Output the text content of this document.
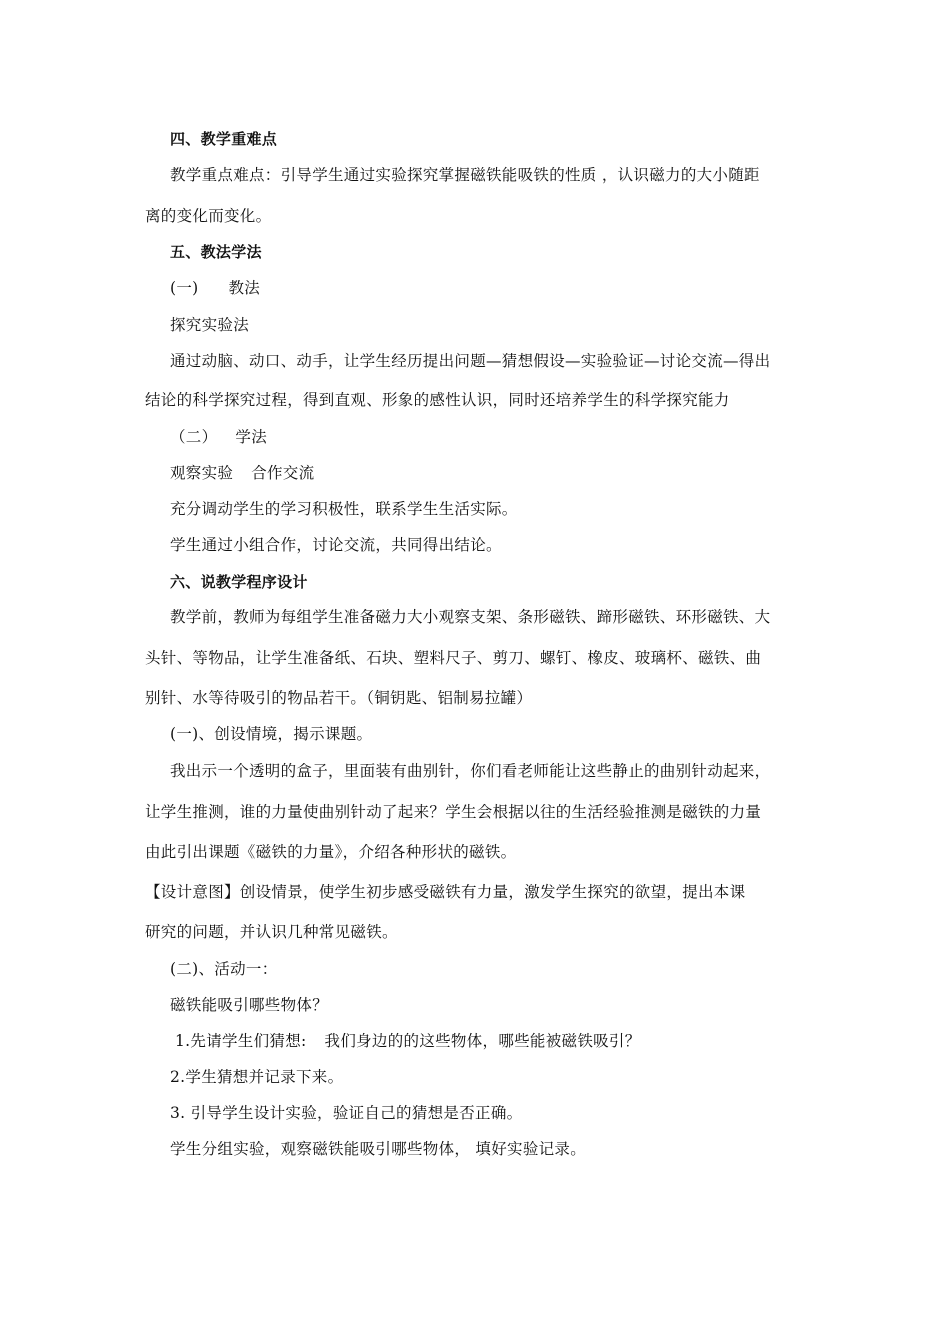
四、教学重难点
教学重点难点：引导学生通过实验探究掌握磁铁能吸铁的性质 ，认识磁力的大小随距
离的变化而变化。
五、教法学法
(一) 教法
探究实验法
通过动脑、动口、动手，让学生经历提出问题—猜想假设—实验验证—讨论交流—得出
结论的科学探究过程，得到直观、形象的感性认识，同时还培养学生的科学探究能力
（二） 学法
观察实验 合作交流
充分调动学生的学习积极性，联系学生生活实际。
学生通过小组合作，讨论交流，共同得出结论。
六、说教学程序设计
教学前，教师为每组学生准备磁力大小观察支架、条形磁铁、蹄形磁铁、环形磁铁、大
头针、等物品，让学生准备纸、石块、塑料尺子、剪刀、螺钉、橡皮、玻璃杯、磁铁、曲
别针、水等待吸引的物品若干。（铜钥匙、铝制易拉罐）
(一)、创设情境，揭示课题。
我出示一个透明的盒子，里面装有曲别针，你们看老师能让这些静止的曲别针动起来，
让学生推测，谁的力量使曲别针动了起来？学生会根据以往的生活经验推测是磁铁的力量
由此引出课题《磁铁的力量》，介绍各种形状的磁铁。
【设计意图】创设情景，使学生初步感受磁铁有力量，激发学生探究的欲望，提出本课
研究的问题，并认识几种常见磁铁。
(二)、活动一：
磁铁能吸引哪些物体？
1.先请学生们猜想: 我们身边的的这些物体，哪些能被磁铁吸引？
2.学生猜想并记录下来。
3. 引导学生设计实验，验证自己的猜想是否正确。
学生分组实验，观察磁铁能吸引哪些物体， 填好实验记录。
